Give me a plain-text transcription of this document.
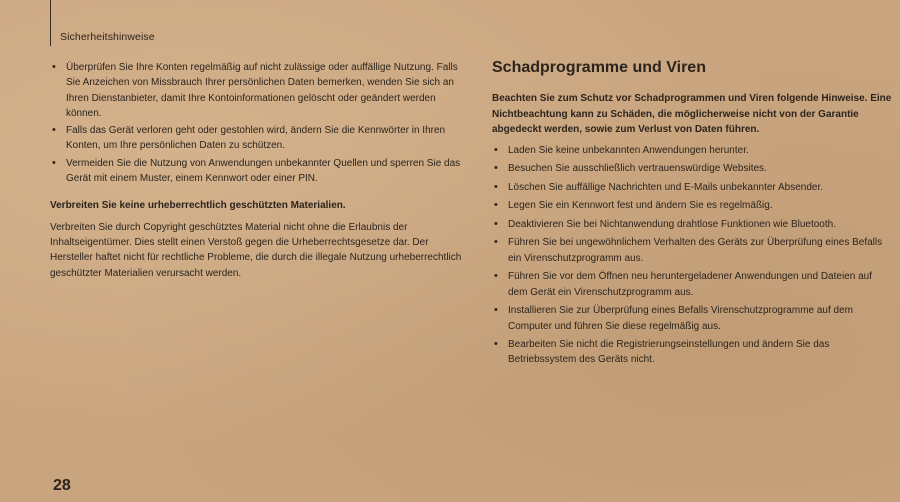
Sicherheitshinweise
• Überprüfen Sie Ihre Konten regelmäßig auf nicht zulässige oder auffällige Nutzung. Falls Sie Anzeichen von Missbrauch Ihrer persönlichen Daten bemerken, wenden Sie sich an Ihren Dienstanbieter, damit Ihre Kontoinformationen gelöscht oder geändert werden können.
• Falls das Gerät verloren geht oder gestohlen wird, ändern Sie die Kennwörter in Ihren Konten, um Ihre persönlichen Daten zu schützen.
• Vermeiden Sie die Nutzung von Anwendungen unbekannter Quellen und sperren Sie das Gerät mit einem Muster, einem Kennwort oder einer PIN.
Verbreiten Sie keine urheberrechtlich geschützten Materialien.

Verbreiten Sie durch Copyright geschütztes Material nicht ohne die Erlaubnis der Inhaltseigentümer. Dies stellt einen Verstoß gegen die Urheberrechtsgesetze dar. Der Hersteller haftet nicht für rechtliche Probleme, die durch die illegale Nutzung urheberrechtlich geschützter Materialien verursacht werden.

Schadprogramme und Viren

Beachten Sie zum Schutz vor Schadprogrammen und Viren folgende Hinweise. Eine Nichtbeachtung kann zu Schäden, die möglicherweise nicht von der Garantie abgedeckt werden, sowie zum Verlust von Daten führen.

• Laden Sie keine unbekannten Anwendungen herunter.
• Besuchen Sie ausschließlich vertrauenswürdige Websites.
• Löschen Sie auffällige Nachrichten und E-Mails unbekannter Absender.
• Legen Sie ein Kennwort fest und ändern Sie es regelmäßig.
• Deaktivieren Sie bei Nichtanwendung drahtlose Funktionen wie Bluetooth.
• Führen Sie bei ungewöhnlichem Verhalten des Geräts zur Überprüfung eines Befalls ein Virenschutzprogramm aus.
• Führen Sie vor dem Öffnen neu heruntergeladener Anwendungen und Dateien auf dem Gerät ein Virenschutzprogramm aus.
• Installieren Sie zur Überprüfung eines Befalls Virenschutzprogramme auf dem Computer und führen Sie diese regelmäßig aus.
• Bearbeiten Sie nicht die Registrierungseinstellungen und ändern Sie das Betriebssystem des Geräts nicht.
28
